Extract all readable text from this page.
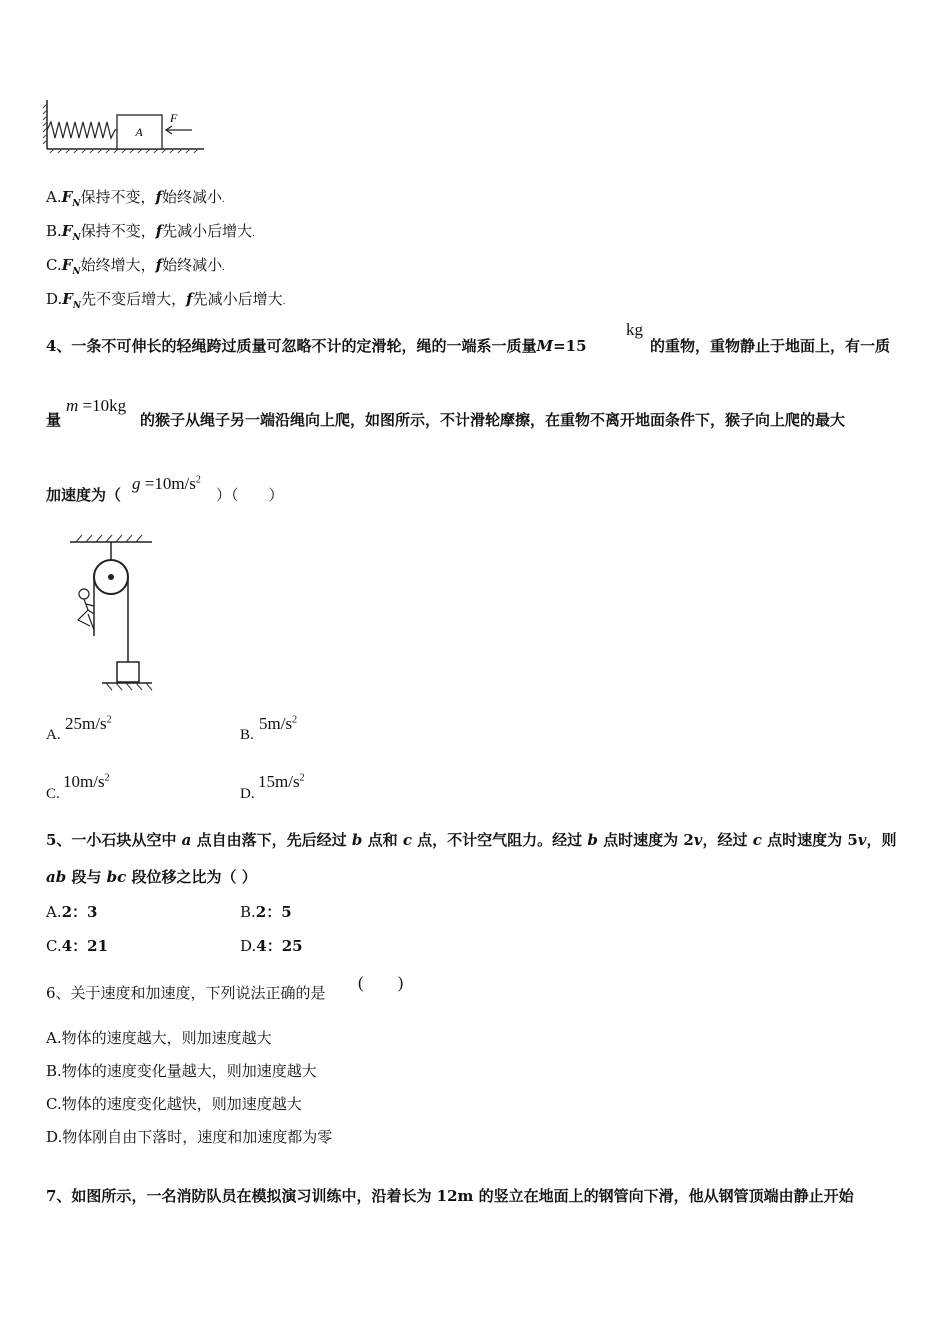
A
F
$A.F_N$保持不变，f始终减小.
$B.F_N$保持不变，f先减小后增大.
$C.F_N$始终增大，f始终减小.
$D.F_N$先不变后增大，f先减小后增大.
4、一条不可伸长的轻绳跨过质量可忽略不计的定滑轮，绳的一端系一质量M=15
kg
的重物，重物静止于地面上，有一质
量
m =10kg
的猴子从绳子另一端沿绳向上爬，如图所示，不计滑轮摩擦，在重物不离开地面条件下，猴子向上爬的最大
加速度为（
$g =10m/s^2$
）（　　）
A.
$25m/s^2$
B.
$5m/s^2$
C.
$10m/s^2$
D.
$15m/s^2$
5、一小石块从空中 a 点自由落下，先后经过 b 点和 c 点，不计空气阻力。经过 b 点时速度为 2v，经过 c 点时速度为 5v，则
ab 段与 bc 段位移之比为（ ）
A.2：3	B.2：5
C.4：21	D.4：25
6、关于速度和加速度，下列说法正确的是
(　　)
A.物体的速度越大，则加速度越大
B.物体的速度变化量越大，则加速度越大
C.物体的速度变化越快，则加速度越大
D.物体刚自由下落时，速度和加速度都为零
7、如图所示，一名消防队员在模拟演习训练中，沿着长为 12m 的竖立在地面上的钢管向下滑，他从钢管顶端由静止开始
